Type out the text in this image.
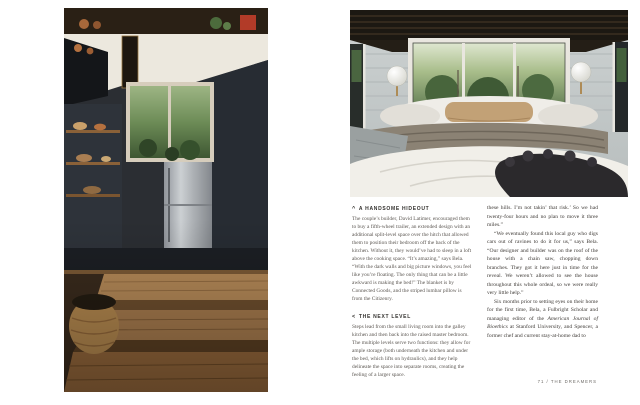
^ A HANDSOME HIDEOUT

The couple’s builder, David Latimer, encouraged them to buy a fifth-wheel trailer, an extended design with an additional split-level space over the hitch that allowed them to position their bedroom off the back of the kitchen. Without it, they would’ve had to sleep in a loft above the cooking space. “It’s amazing,” says Bela. “With the dark walls and big picture windows, you feel like you’re floating. The only thing that can be a little awkward is making the bed!” The blanket is by Connected Goods, and the striped lumbar pillow is from the Citizenry.

< THE NEXT LEVEL

Steps lead from the small living room into the galley kitchen and then back into the raised master bedroom. The multiple levels serve two functions: they allow for ample storage (both underneath the kitchen and under the bed, which lifts on hydraulics), and they help delineate the space into separate rooms, creating the feeling of a larger space.

these hills. I’m not takin’ that risk.’ So we had twenty-four hours and no plan to move it three miles.”

“We eventually found this local guy who digs cars out of ravines to do it for us,” says Bela. “Our designer and builder was on the roof of the house with a chain saw, chopping down branches. They got it here just in time for the reveal. We weren’t allowed to see the house throughout this whole ordeal, so we were really very little help.”

Six months prior to setting eyes on their home for the first time, Bela, a Fulbright Scholar and managing editor of the American Journal of Bioethics at Stanford University, and Spencer, a former chef and current stay-at-home dad to

71 / THE DREAMERS
